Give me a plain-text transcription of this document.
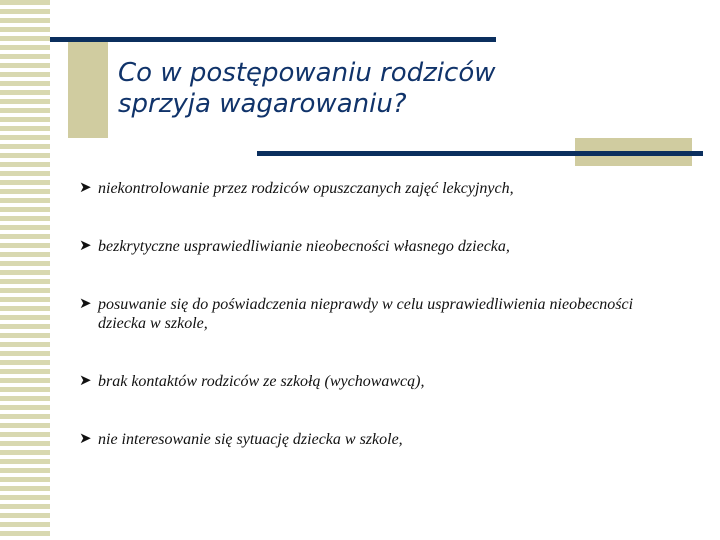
Co w postępowaniu rodziców
sprzyja wagarowaniu?
➤ niekontrolowanie przez rodziców opuszczanych zajęć lekcyjnych,
➤ bezkrytyczne usprawiedliwianie nieobecności własnego dziecka,
➤ posuwanie się do poświadczenia nieprawdy w celu usprawiedliwienia nieobecności dziecka w szkole,
➤ brak kontaktów rodziców ze szkołą (wychowawcą),
➤ nie interesowanie się sytuację dziecka w szkole,
